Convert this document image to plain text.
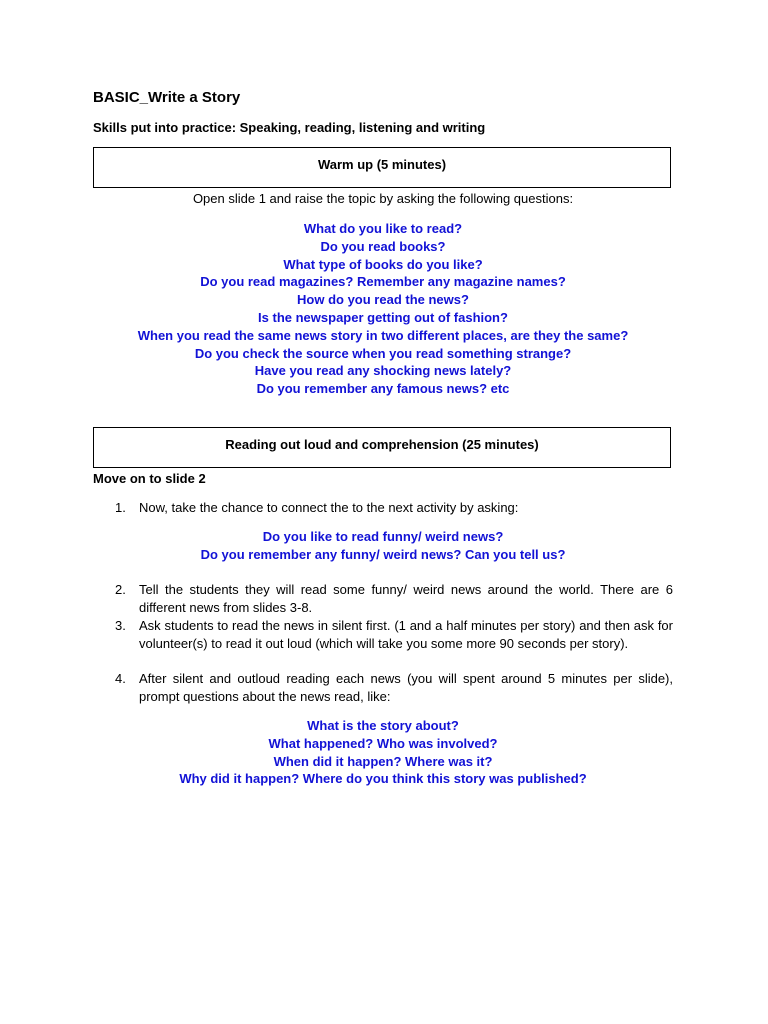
BASIC_Write a Story
Skills put into practice: Speaking, reading, listening and writing
Warm up (5 minutes)
Open slide 1 and raise the topic by asking the following questions:
What do you like to read?
Do you read books?
What type of books do you like?
Do you read magazines? Remember any magazine names?
How do you read the news?
Is the newspaper getting out of fashion?
When you read the same news story in two different places, are they the same?
Do you check the source when you read something strange?
Have you read any shocking news lately?
Do you remember any famous news? etc
Reading out loud and comprehension (25 minutes)
Move on to slide 2
1. Now, take the chance to connect the to the next activity by asking:
Do you like to read funny/ weird news?
Do you remember any funny/ weird news? Can you tell us?
2. Tell the students they will read some funny/ weird news around the world. There are 6 different news from slides 3-8.
3. Ask students to read the news in silent first. (1 and a half minutes per story) and then ask for volunteer(s) to read it out loud (which will take you some more 90 seconds per story).
4. After silent and outloud reading each news (you will spent around 5 minutes per slide), prompt questions about the news read, like:
What is the story about?
What happened? Who was involved?
When did it happen? Where was it?
Why did it happen? Where do you think this story was published?
